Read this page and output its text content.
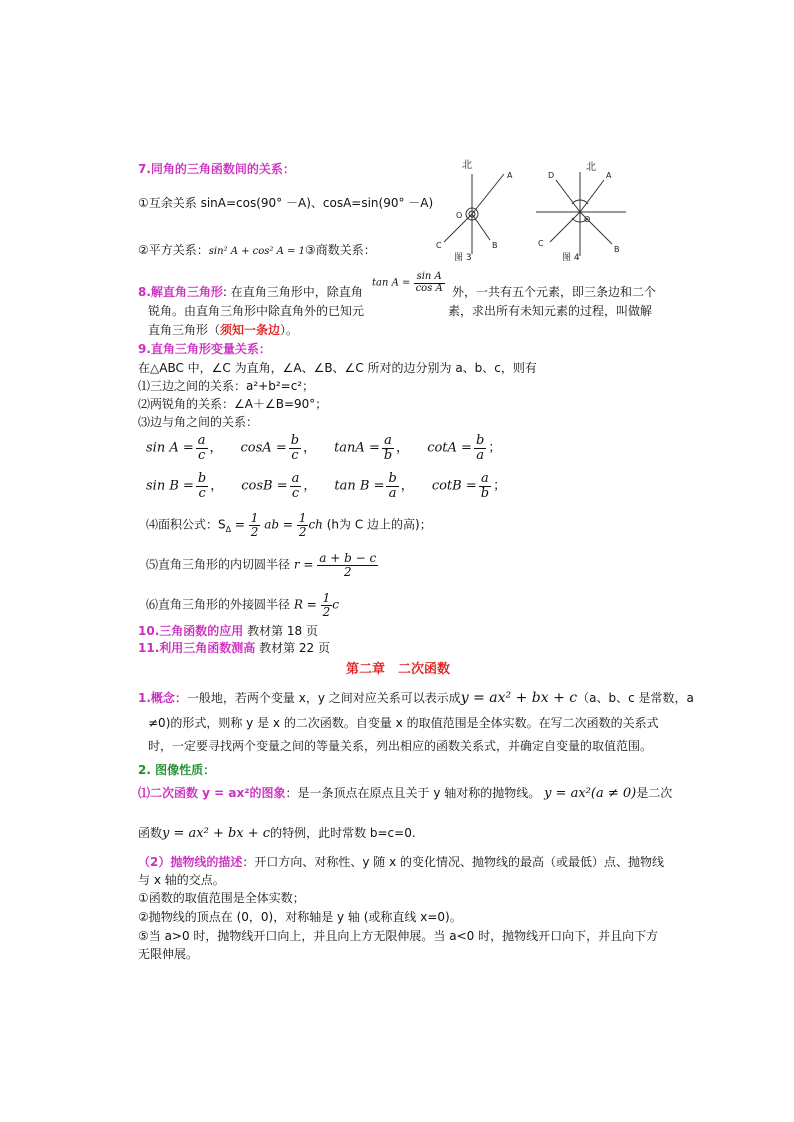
7.同角的三角函数间的关系：
①互余关系 sinA=cos(90° －A)、cosA=sin(90° －A)
②平方关系：sin² A + cos² A = 1③商数关系：
北
A
O
C	B
图 3
北
D	A
O
C
B
图 4
8.解直角三角形: 在直角三角形中，除直角
锐角。由直角三角形中除直角外的已知元
直角三角形（须知一条边）。
$\tan A = \frac{\text{sin A}}{\text{cos A}}$ 外，一共有五个元素，即三条边和二个
素，求出所有未知元素的过程，叫做解
9.直角三角形变量关系：
在△ABC 中，∠C 为直角，∠A、∠B、∠C 所对的边分别为 a、b、c，则有
⑴三边之间的关系：a²+b²=c²；
⑵两锐角的关系：∠A＋∠B=90°；
⑶边与角之间的关系：
$\sin A = \frac{a}{c}$ ， $\cos A = \frac{b}{c}$ ， $\tan A = \frac{a}{b}$ ， $\cot A = \frac{b}{a}$ ；
$\sin B = \frac{b}{c}$ ， $\cos B = \frac{a}{c}$ ， $\tan B = \frac{b}{a}$ ， $\cot B = \frac{a}{b}$ ；
⑷面积公式：$S_\Delta = \frac{1}{2}$ ab = $\frac{1}{2}$ ch (h为 C 边上的高)；
⑸直角三角形的内切圆半径 $r = \frac{a + b - c}{2}$
⑹直角三角形的外接圆半径 $R = \frac{1}{2}$ c
10.三角函数的应用 教材第 18 页
11.利用三角函数测高 教材第 22 页
第二章　二次函数
1.概念：一般地，若两个变量 x，y 之间对应关系可以表示成y = ax² + bx + c（a、b、c 是常数，a
≠0)的形式，则称 y 是 x 的二次函数。自变量 x 的取值范围是全体实数。在写二次函数的关系式
时，一定要寻找两个变量之间的等量关系，列出相应的函数关系式，并确定自变量的取值范围。
2. 图像性质：
⑴二次函数 y = ax²的图象：是一条顶点在原点且关于 y 轴对称的抛物线。 y = ax²(a ≠ 0)是二次
函数y = ax² + bx + c的特例，此时常数 b=c=0.
（2）抛物线的描述：开口方向、对称性、y 随 x 的变化情况、抛物线的最高（或最低）点、抛物线
与 x 轴的交点。
①函数的取值范围是全体实数；
②抛物线的顶点在 (0，0)，对称轴是 y 轴 (或称直线 x=0)。
⑤当 a>0 时，抛物线开口向上，并且向上方无限伸展。当 a<0 时，抛物线开口向下，并且向下方
无限伸展。
